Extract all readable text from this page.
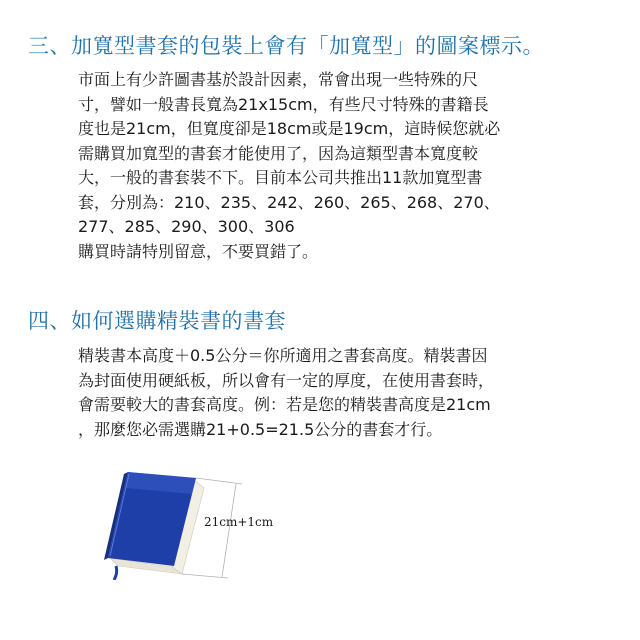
三、加寬型書套的包裝上會有「加寬型」的圖案標示。
市面上有少許圖書基於設計因素，常會出現一些特殊的尺
寸，譬如一般書長寬為21x15cm，有些尺寸特殊的書籍長
度也是21cm，但寬度卻是18cm或是19cm，這時候您就必
需購買加寬型的書套才能使用了，因為這類型書本寬度較
大，一般的書套裝不下。目前本公司共推出11款加寬型書
套，分別為：210、235、242、260、265、268、270、
277、285、290、300、306
購買時請特別留意，不要買錯了。
四、如何選購精裝書的書套
精裝書本高度＋0.5公分＝你所適用之書套高度。精裝書因
為封面使用硬紙板，所以會有一定的厚度，在使用書套時，
會需要較大的書套高度。例：若是您的精裝書高度是21cm
，那麼您必需選購21+0.5=21.5公分的書套才行。
21cm+1cm
